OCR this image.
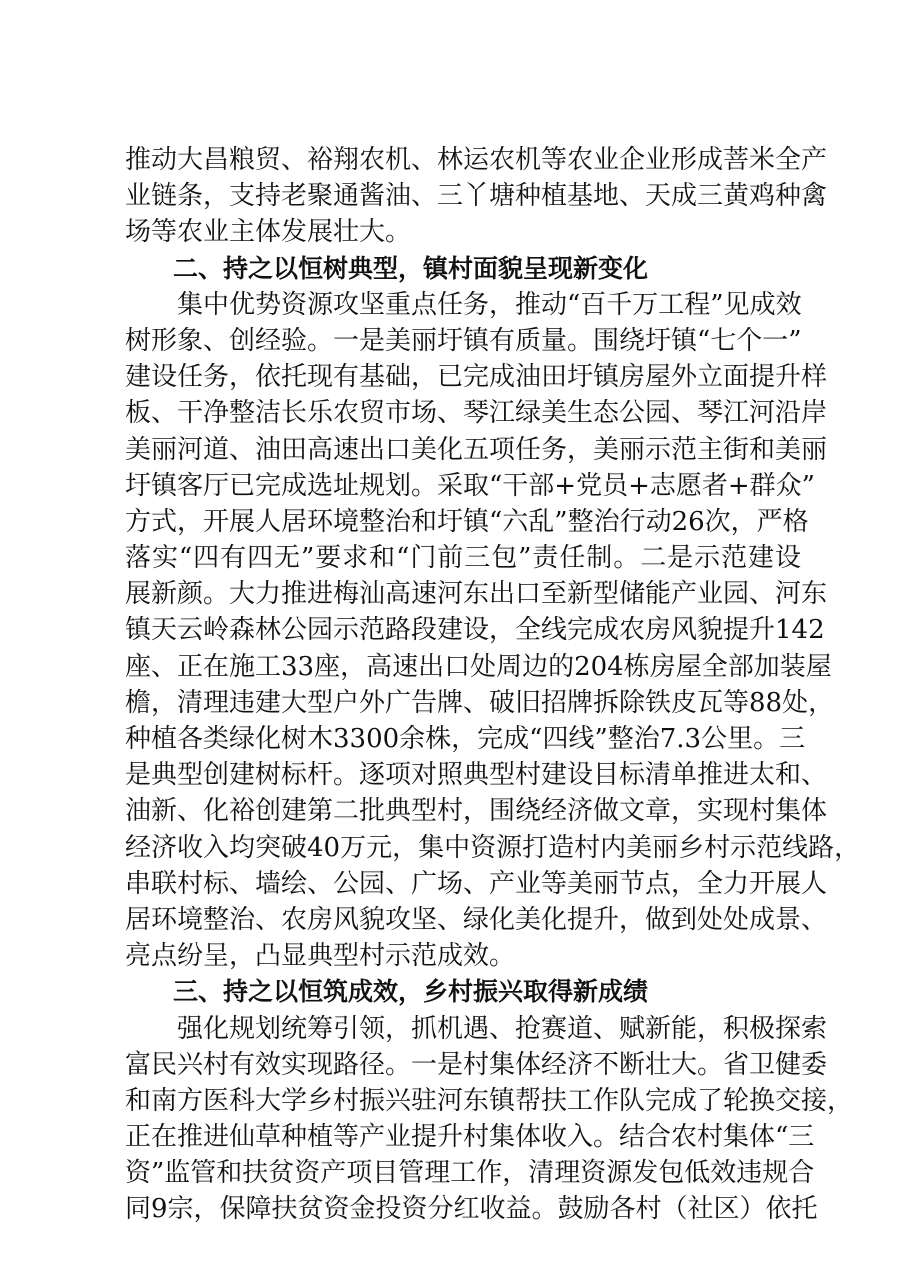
推动大昌粮贸、裕翔农机、林运农机等农业企业形成菩米全产
业链条，支持老聚通酱油、三丫塘种植基地、天成三黄鸡种禽
场等农业主体发展壮大。
二、持之以恒树典型，镇村面貌呈现新变化
集中优势资源攻坚重点任务，推动“百千万工程”见成效
树形象、创经验。一是美丽圩镇有质量。围绕圩镇“七个一”
建设任务，依托现有基础，已完成油田圩镇房屋外立面提升样
板、干净整洁长乐农贸市场、琴江绿美生态公园、琴江河沿岸
美丽河道、油田高速出口美化五项任务，美丽示范主街和美丽
圩镇客厅已完成选址规划。采取“干部+党员+志愿者+群众”
方式，开展人居环境整治和圩镇“六乱”整治行动26次，严格
落实“四有四无”要求和“门前三包”责任制。二是示范建设
展新颜。大力推进梅汕高速河东出口至新型储能产业园、河东
镇天云岭森林公园示范路段建设，全线完成农房风貌提升142
座、正在施工33座，高速出口处周边的204栋房屋全部加装屋
檐，清理违建大型户外广告牌、破旧招牌拆除铁皮瓦等88处，
种植各类绿化树木3300余株，完成“四线”整治7.3公里。三
是典型创建树标杆。逐项对照典型村建设目标清单推进太和、
油新、化裕创建第二批典型村，围绕经济做文章，实现村集体
经济收入均突破40万元，集中资源打造村内美丽乡村示范线路，
串联村标、墙绘、公园、广场、产业等美丽节点，全力开展人
居环境整治、农房风貌攻坚、绿化美化提升，做到处处成景、
亮点纷呈，凸显典型村示范成效。
三、持之以恒筑成效，乡村振兴取得新成绩
强化规划统筹引领，抓机遇、抢赛道、赋新能，积极探索
富民兴村有效实现路径。一是村集体经济不断壮大。省卫健委
和南方医科大学乡村振兴驻河东镇帮扶工作队完成了轮换交接，
正在推进仙草种植等产业提升村集体收入。结合农村集体“三
资”监管和扶贫资产项目管理工作，清理资源发包低效违规合
同9宗，保障扶贫资金投资分红收益。鼓励各村（社区）依托
